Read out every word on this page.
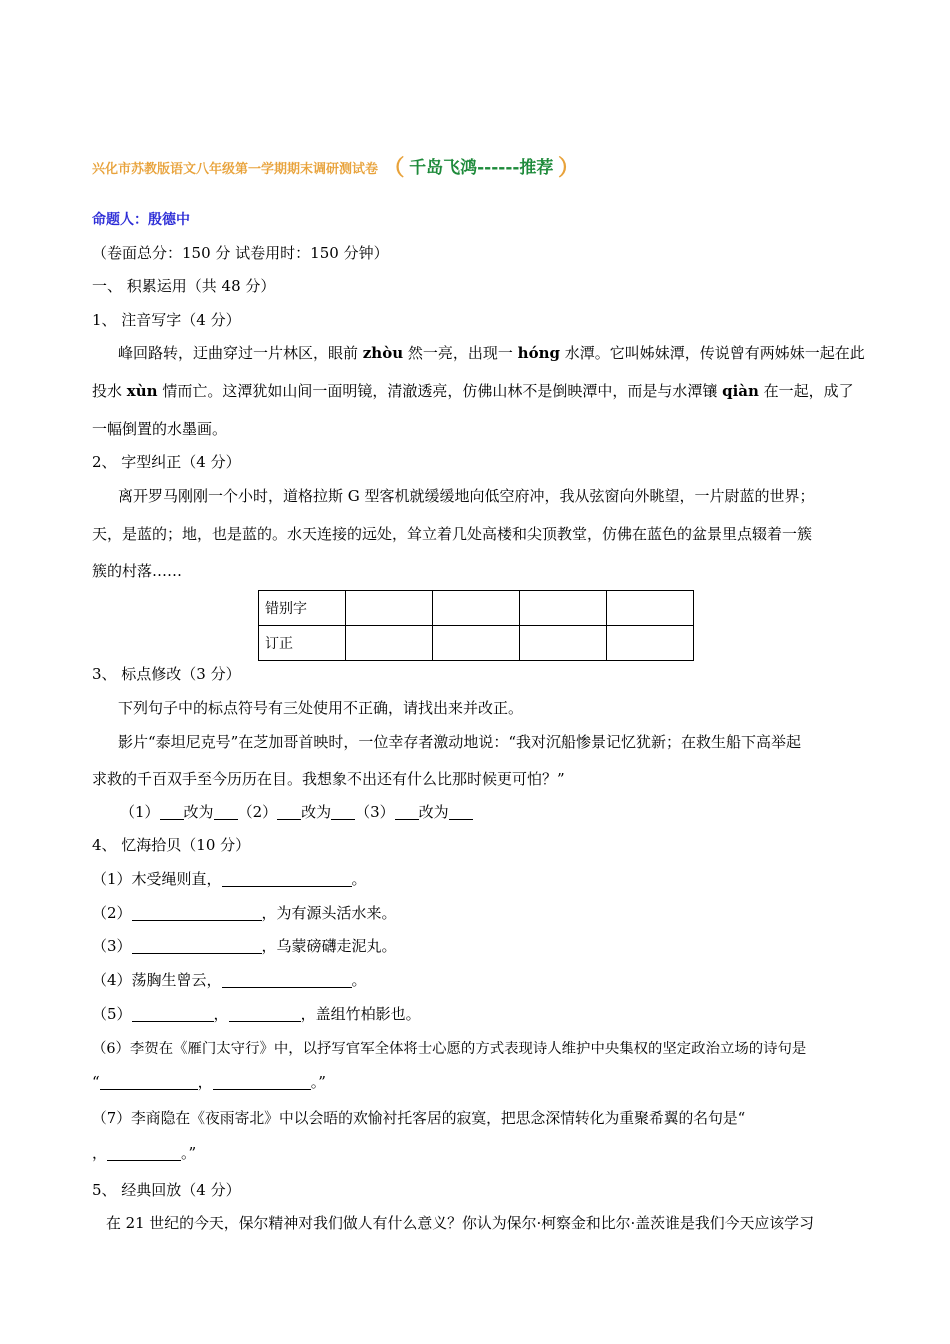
兴化市苏教版语文八年级第一学期期末调研测试卷 （ 千岛飞鸿------推荐 ）
命题人：殷德中
（卷面总分：150 分 试卷用时：150 分钟）
一、 积累运用（共 48 分）
1、 注音写字（4 分）
峰回路转，迂曲穿过一片林区，眼前 zhòu 然一亮，出现一 hóng 水潭。它叫姊妹潭，传说曾有两姊妹一起在此
投水 xùn 情而亡。这潭犹如山间一面明镜，清澈透亮，仿佛山林不是倒映潭中，而是与水潭镶 qiàn 在一起，成了
一幅倒置的水墨画。
2、 字型纠正（4 分）
离开罗马刚刚一个小时，道格拉斯 G 型客机就缓缓地向低空府冲，我从弦窗向外眺望，一片尉蓝的世界；
天，是蓝的；地，也是蓝的。水天连接的远处，耸立着几处高楼和尖顶教堂，仿佛在蓝色的盆景里点辍着一簇
簇的村落……
错别字				
订正				
3、 标点修改（3 分）
下列句子中的标点符号有三处使用不正确，请找出来并改正。
影片“泰坦尼克号”在芝加哥首映时，一位幸存者激动地说：“我对沉船惨景记忆犹新；在救生船下高举起
求救的千百双手至今历历在目。我想象不出还有什么比那时候更可怕？”
（1） 改为 （2） 改为 （3） 改为
4、 忆海拾贝（10 分）
（1）木受绳则直，	。
（2）	，为有源头活水来。
（3）	，乌蒙磅礴走泥丸。
（4）荡胸生曾云，	。
（5）	，	，盖组竹柏影也。
（6）李贺在《雁门太守行》中，以抒写官军全体将士心愿的方式表现诗人维护中央集权的坚定政治立场的诗句是
“	，	。”
（7）李商隐在《夜雨寄北》中以会晤的欢愉衬托客居的寂寞，把思念深情转化为重聚希翼的名句是“
，	。”
5、 经典回放（4 分）
在 21 世纪的今天，保尔精神对我们做人有什么意义？你认为保尔·柯察金和比尔·盖茨谁是我们今天应该学习
